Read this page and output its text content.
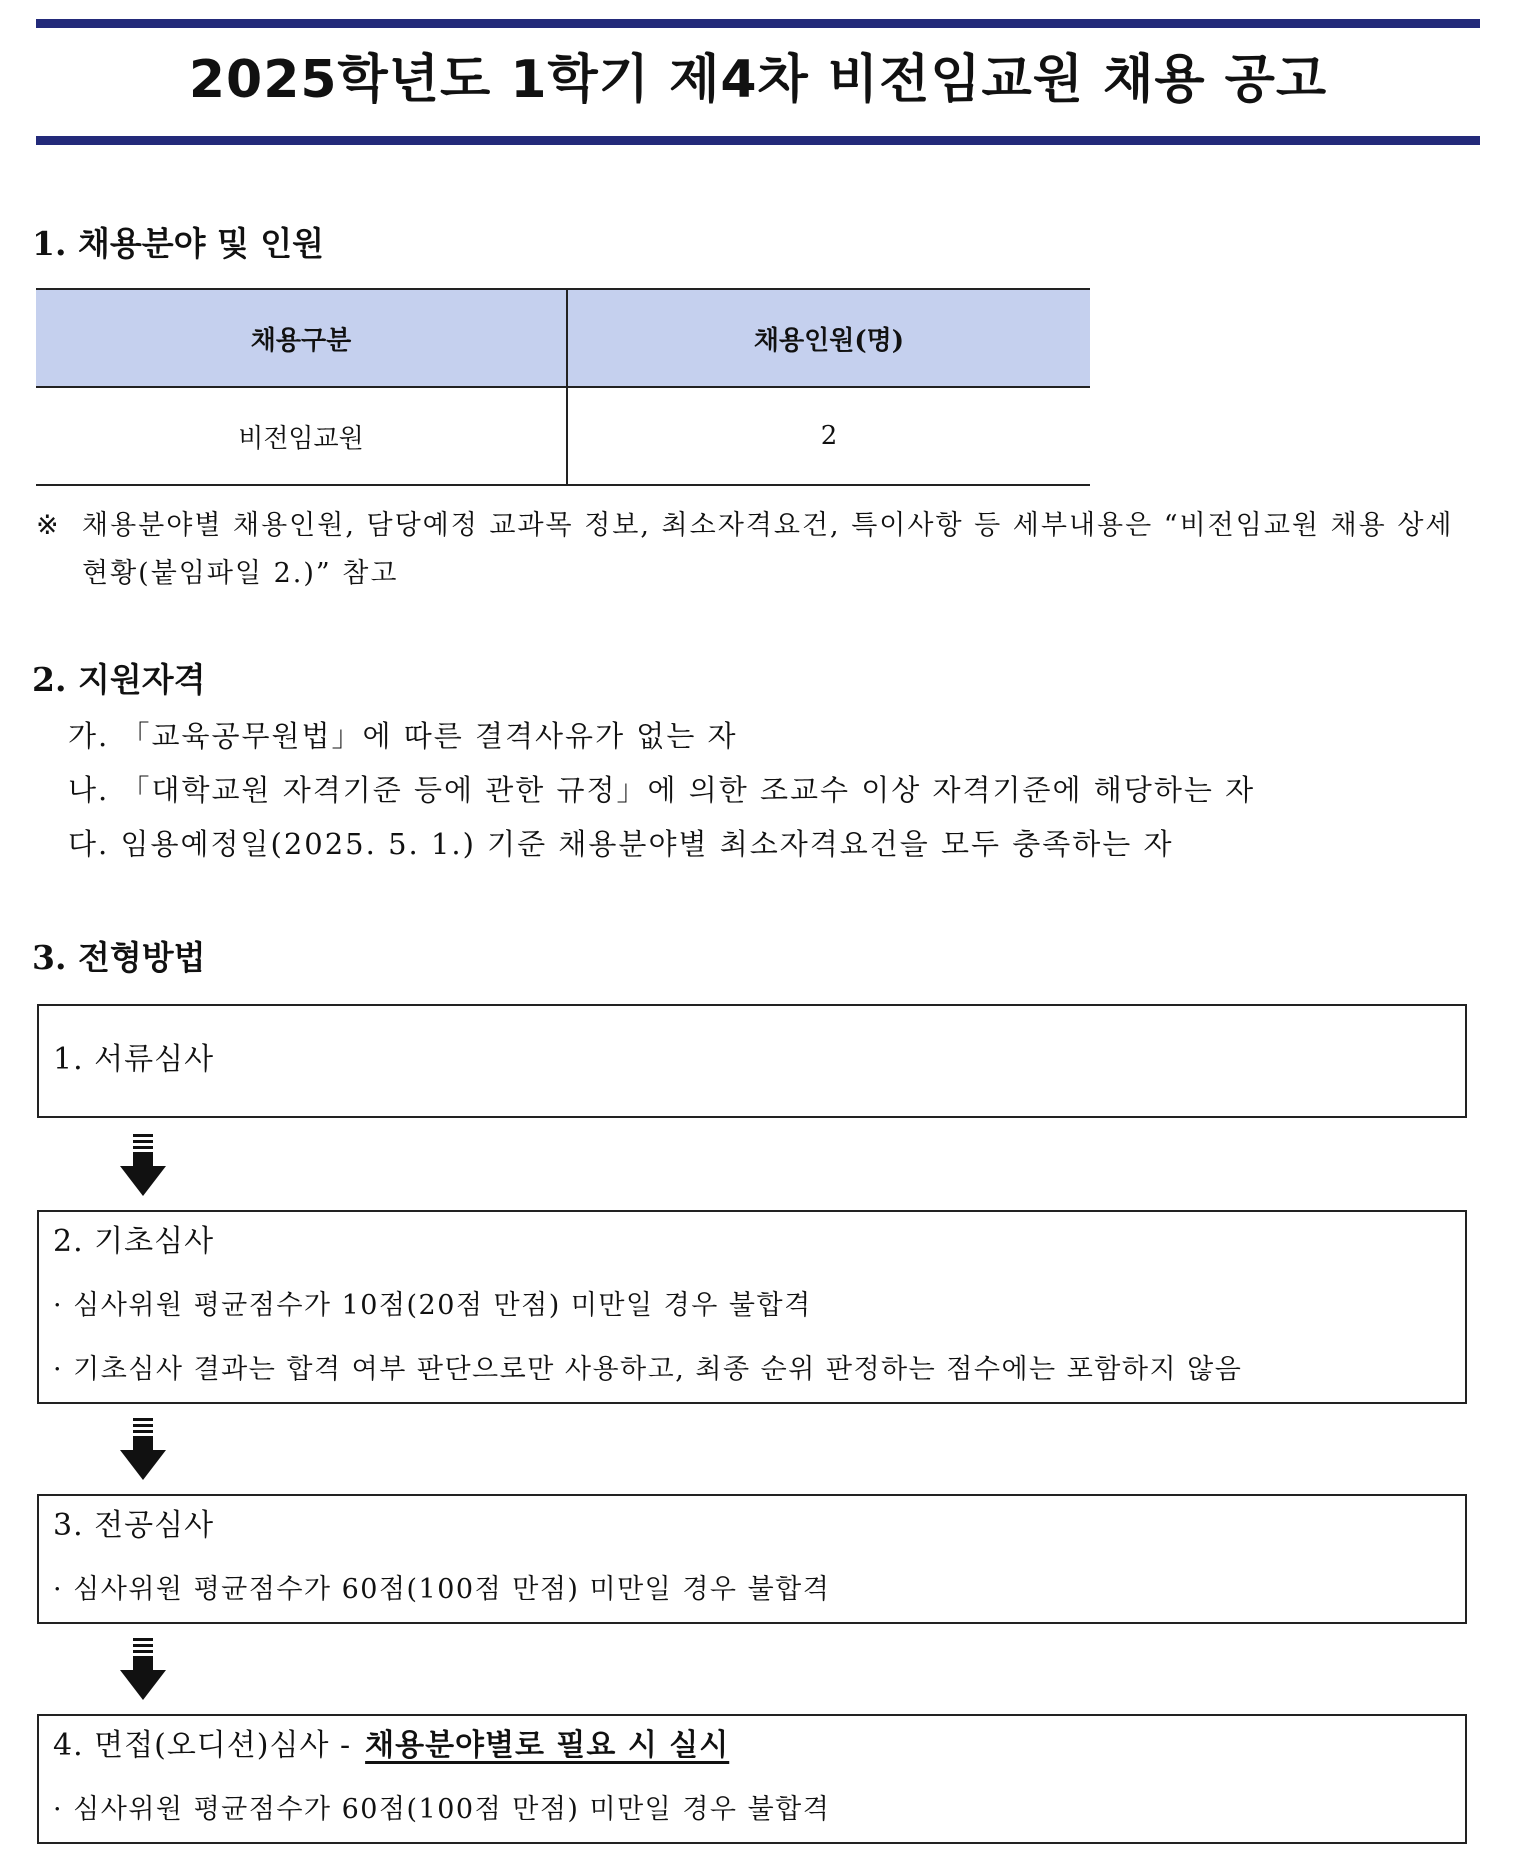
2025학년도 1학기 제4차 비전임교원 채용 공고
1. 채용분야 및 인원
채용구분	채용인원(명)
비전임교원	2
※ 채용분야별 채용인원, 담당예정 교과목 정보, 최소자격요건, 특이사항 등 세부내용은 “비전임교원 채용 상세 현황(붙임파일 2.)” 참고
2. 지원자격
가. 「교육공무원법」에 따른 결격사유가 없는 자
나. 「대학교원 자격기준 등에 관한 규정」에 의한 조교수 이상 자격기준에 해당하는 자
다. 임용예정일(2025. 5. 1.) 기준 채용분야별 최소자격요건을 모두 충족하는 자
3. 전형방법
1. 서류심사
2. 기초심사
· 심사위원 평균점수가 10점(20점 만점) 미만일 경우 불합격
· 기초심사 결과는 합격 여부 판단으로만 사용하고, 최종 순위 판정하는 점수에는 포함하지 않음
3. 전공심사
· 심사위원 평균점수가 60점(100점 만점) 미만일 경우 불합격
4. 면접(오디션)심사 - 채용분야별로 필요 시 실시
· 심사위원 평균점수가 60점(100점 만점) 미만일 경우 불합격
